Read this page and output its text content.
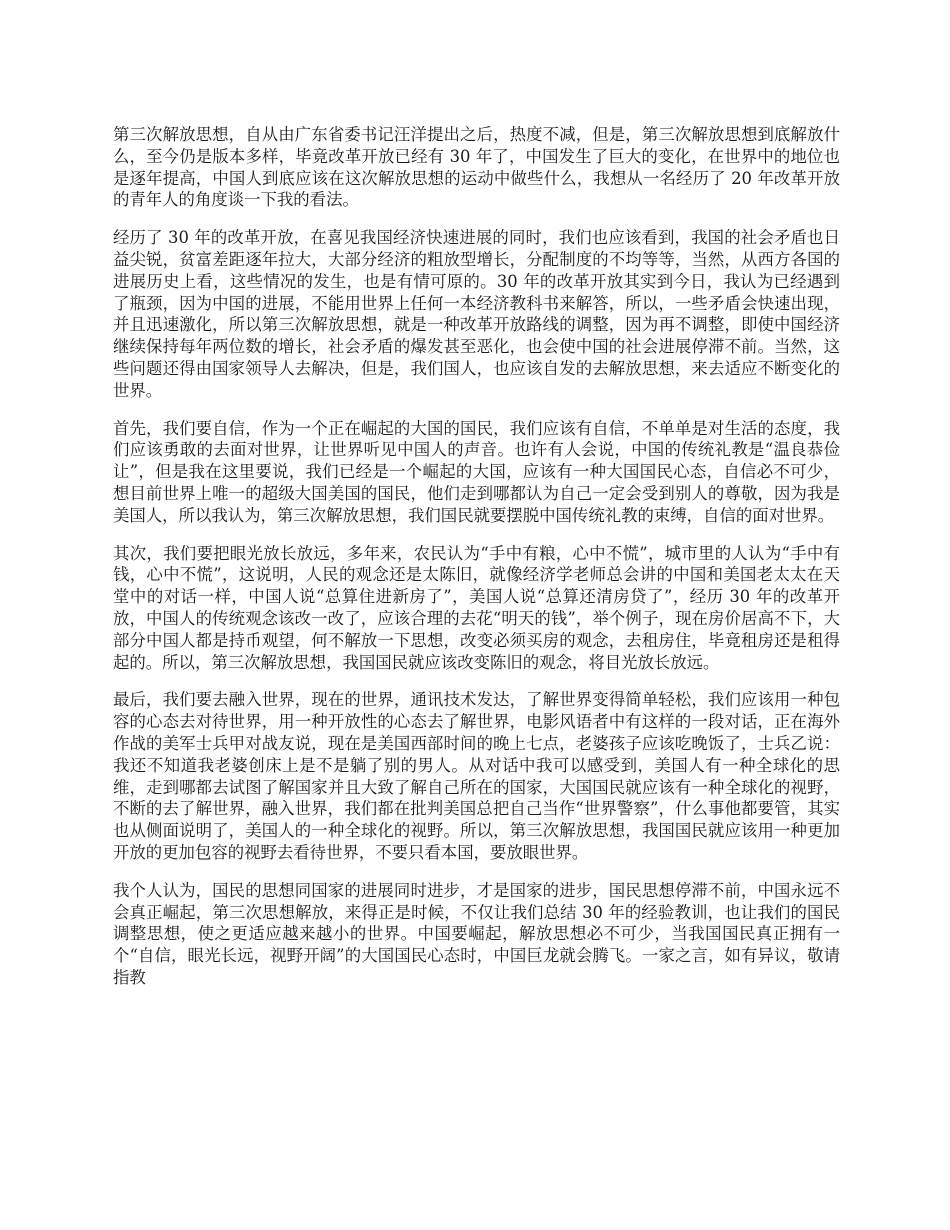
第三次解放思想，自从由广东省委书记汪洋提出之后，热度不减，但是，第三次解放思想到底解放什么，至今仍是版本多样，毕竟改革开放已经有 30 年了，中国发生了巨大的变化，在世界中的地位也是逐年提高，中国人到底应该在这次解放思想的运动中做些什么，我想从一名经历了 20 年改革开放的青年人的角度谈一下我的看法。

经历了 30 年的改革开放，在喜见我国经济快速进展的同时，我们也应该看到，我国的社会矛盾也日益尖锐，贫富差距逐年拉大，大部分经济的粗放型增长，分配制度的不均等等，当然，从西方各国的进展历史上看，这些情况的发生，也是有情可原的。30 年的改革开放其实到今日，我认为已经遇到了瓶颈，因为中国的进展，不能用世界上任何一本经济教科书来解答，所以，一些矛盾会快速出现，并且迅速激化，所以第三次解放思想，就是一种改革开放路线的调整，因为再不调整，即使中国经济继续保持每年两位数的增长，社会矛盾的爆发甚至恶化，也会使中国的社会进展停滞不前。当然，这些问题还得由国家领导人去解决，但是，我们国人，也应该自发的去解放思想，来去适应不断变化的世界。

首先，我们要自信，作为一个正在崛起的大国的国民，我们应该有自信，不单单是对生活的态度，我们应该勇敢的去面对世界，让世界听见中国人的声音。也许有人会说，中国的传统礼教是“温良恭俭让”，但是我在这里要说，我们已经是一个崛起的大国，应该有一种大国国民心态，自信必不可少，想目前世界上唯一的超级大国美国的国民，他们走到哪都认为自己一定会受到别人的尊敬，因为我是美国人，所以我认为，第三次解放思想，我们国民就要摆脱中国传统礼教的束缚，自信的面对世界。

其次，我们要把眼光放长放远，多年来，农民认为“手中有粮，心中不慌”，城市里的人认为“手中有钱，心中不慌”，这说明，人民的观念还是太陈旧，就像经济学老师总会讲的中国和美国老太太在天堂中的对话一样，中国人说“总算住进新房了”，美国人说“总算还清房贷了”，经历 30 年的改革开放，中国人的传统观念该改一改了，应该合理的去花“明天的钱”，举个例子，现在房价居高不下，大部分中国人都是持币观望，何不解放一下思想，改变必须买房的观念，去租房住，毕竟租房还是租得起的。所以，第三次解放思想，我国国民就应该改变陈旧的观念，将目光放长放远。

最后，我们要去融入世界，现在的世界，通讯技术发达，了解世界变得简单轻松，我们应该用一种包容的心态去对待世界，用一种开放性的心态去了解世界，电影风语者中有这样的一段对话，正在海外作战的美军士兵甲对战友说，现在是美国西部时间的晚上七点，老婆孩子应该吃晚饭了，士兵乙说：我还不知道我老婆创床上是不是躺了别的男人。从对话中我可以感受到，美国人有一种全球化的思维，走到哪都去试图了解国家并且大致了解自己所在的国家，大国国民就应该有一种全球化的视野，不断的去了解世界，融入世界，我们都在批判美国总把自己当作“世界警察”，什么事他都要管，其实也从侧面说明了，美国人的一种全球化的视野。所以，第三次解放思想，我国国民就应该用一种更加开放的更加包容的视野去看待世界，不要只看本国，要放眼世界。

我个人认为，国民的思想同国家的进展同时进步，才是国家的进步，国民思想停滞不前，中国永远不会真正崛起，第三次思想解放，来得正是时候，不仅让我们总结 30 年的经验教训，也让我们的国民调整思想，使之更适应越来越小的世界。中国要崛起，解放思想必不可少，当我国国民真正拥有一个“自信，眼光长远，视野开阔”的大国国民心态时，中国巨龙就会腾飞。一家之言，如有异议，敬请指教
